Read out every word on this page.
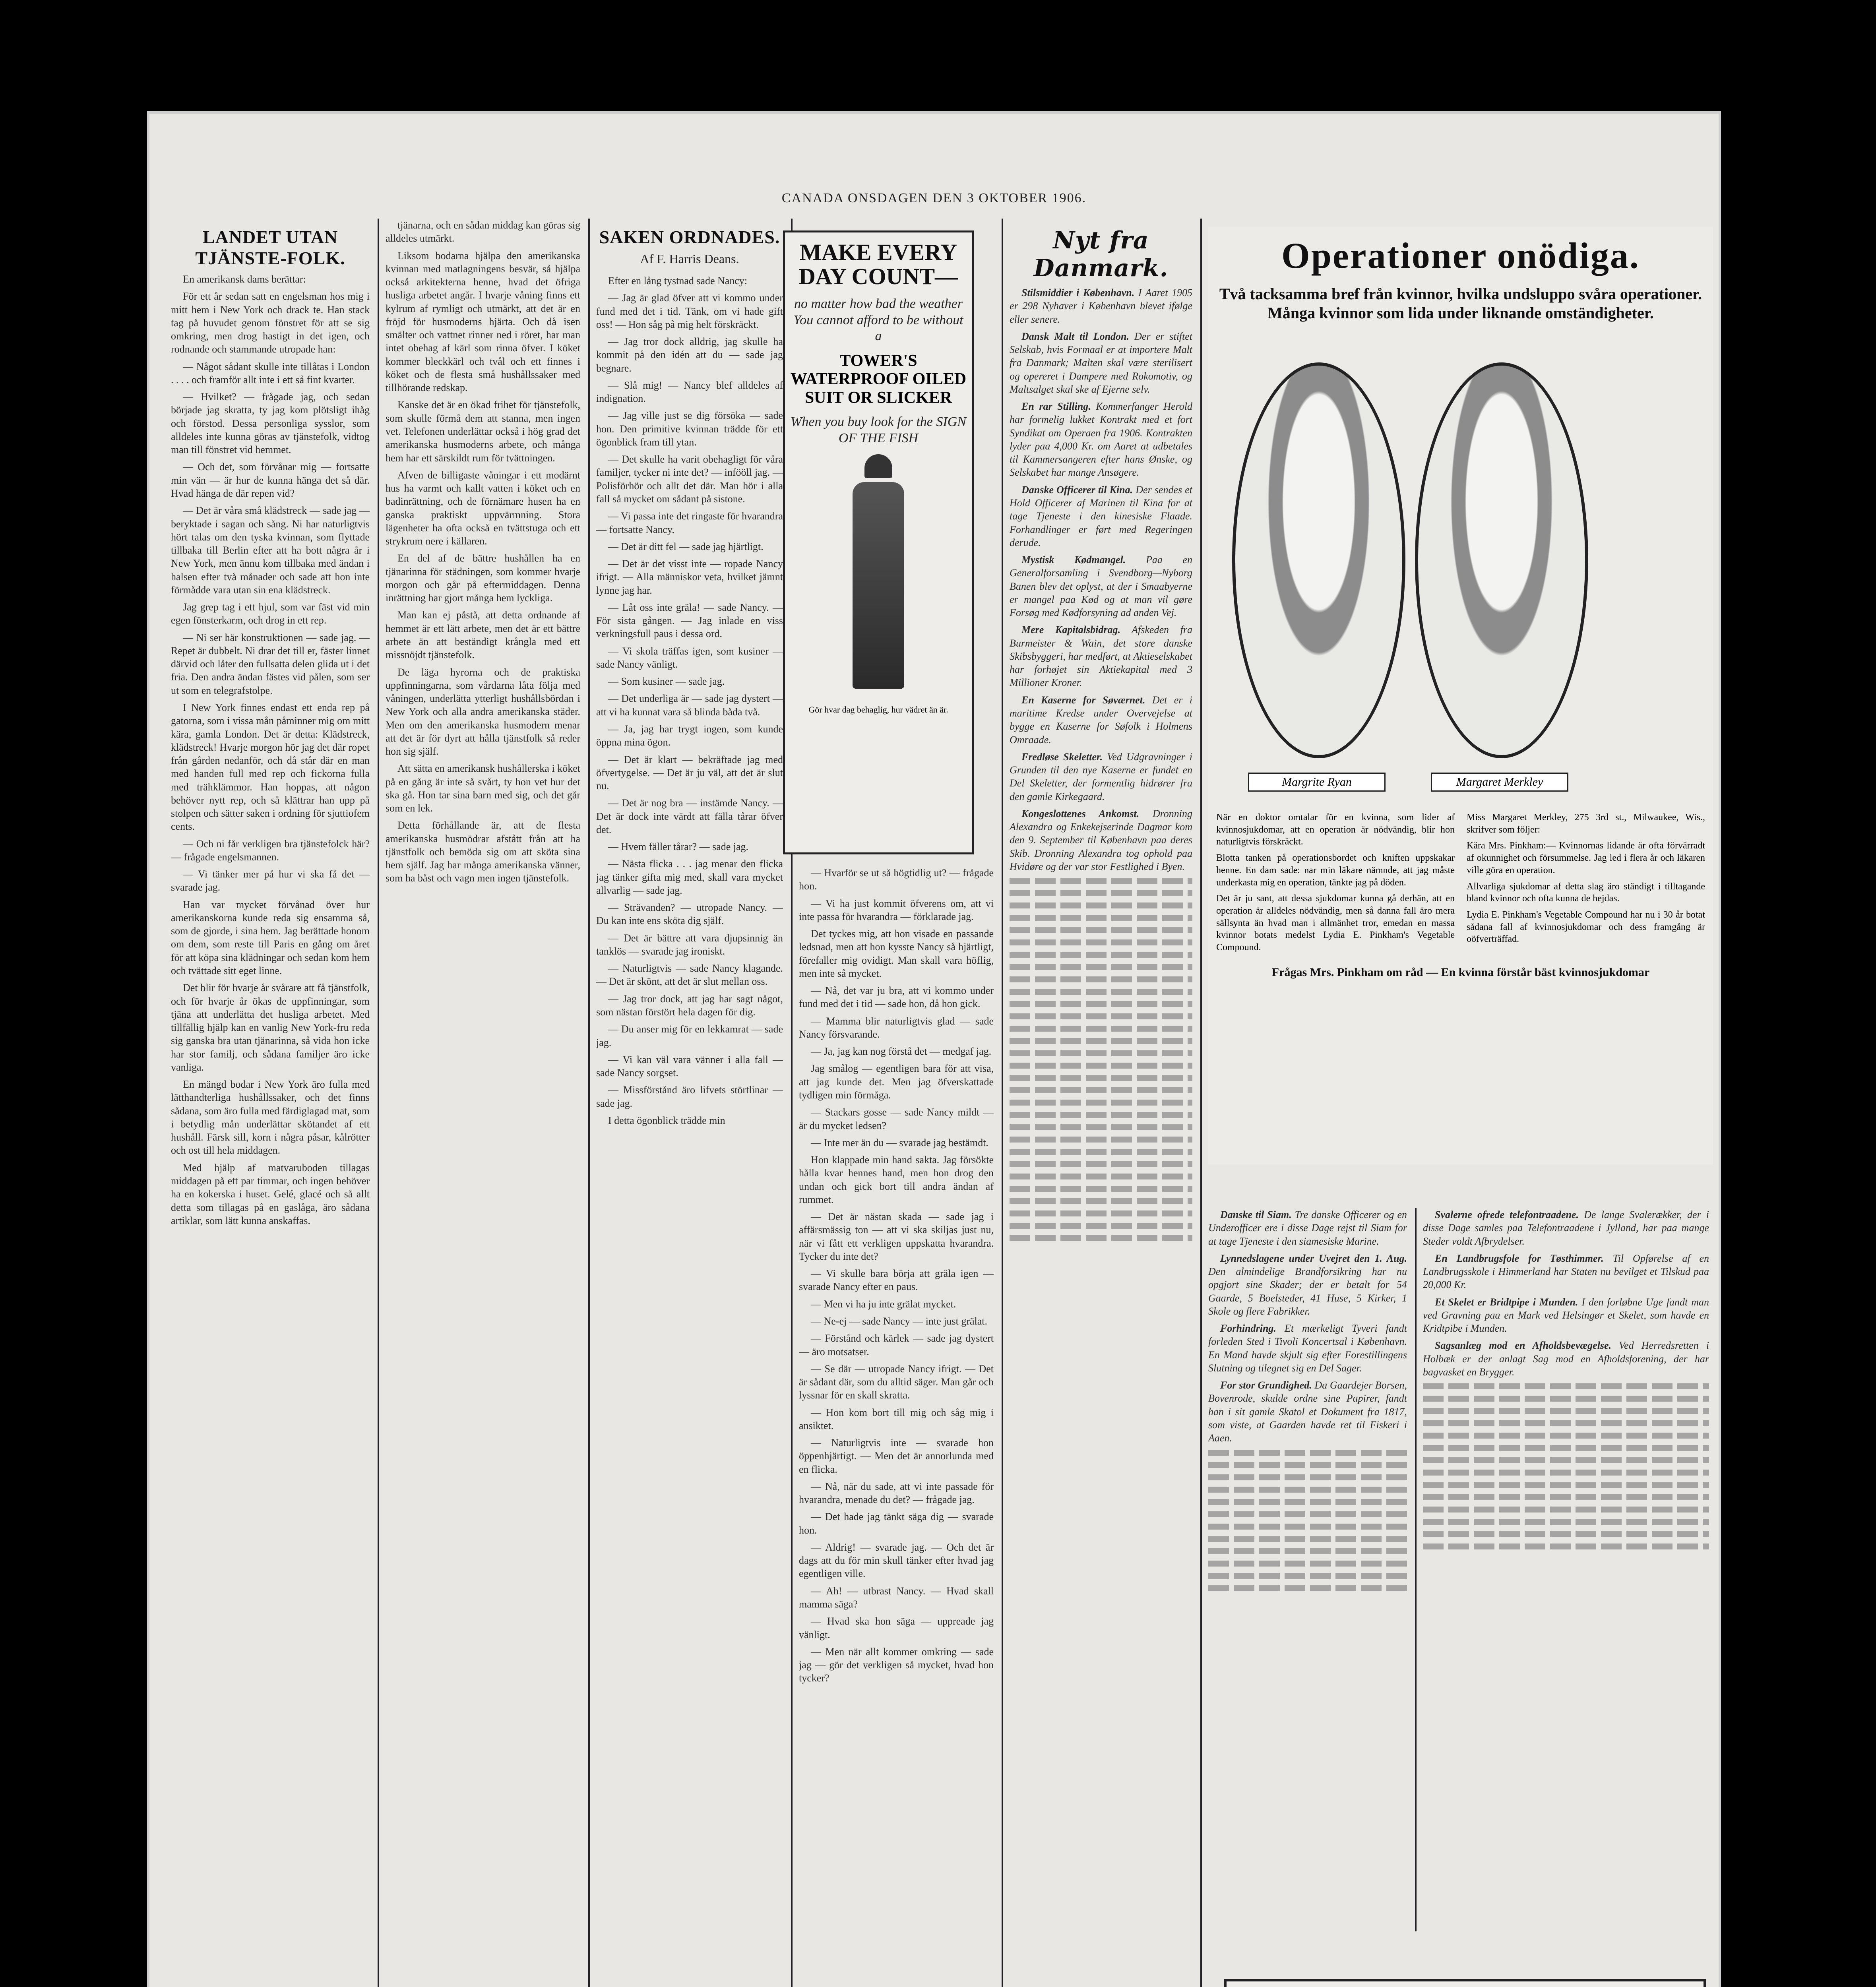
CANADA ONSDAGEN DEN 3 OKTOBER 1906.
LANDET UTAN TJÄNSTE-FOLK.

En amerikansk dams berättar:

För ett år sedan satt en engelsman hos mig i mitt hem i New York och drack te. Han stack tag på huvudet genom fönstret för att se sig omkring, men drog hastigt in det igen, och rodnande och stammande utropade han:

— Något sådant skulle inte tillåtas i London . . . . och framför allt inte i ett så fint kvarter.

— Hvilket? — frågade jag, och sedan började jag skratta, ty jag kom plötsligt ihåg och förstod. Dessa personliga sysslor, som alldeles inte kunna göras av tjänstefolk, vidtog man till fönstret vid hemmet.

— Och det, som förvånar mig — fortsatte min vän — är hur de kunna hänga det så där. Hvad hänga de där repen vid?

— Det är våra små klädstreck — sade jag — beryktade i sagan och sång. Ni har naturligtvis hört talas om den tyska kvinnan, som flyttade tillbaka till Berlin efter att ha bott några år i New York, men ännu kom tillbaka med ändan i halsen efter två månader och sade att hon inte förmådde vara utan sin ena klädstreck.

Jag grep tag i ett hjul, som var fäst vid min egen fönsterkarm, och drog in ett rep.

— Ni ser här konstruktionen — sade jag. — Repet är dubbelt. Ni drar det till er, fäster linnet därvid och låter den fullsatta delen glida ut i det fria. Den andra ändan fästes vid pålen, som ser ut som en telegrafstolpe.

I New York finnes endast ett enda rep på gatorna, som i vissa mån påminner mig om mitt kära, gamla London. Det är detta: Klädstreck, klädstreck! Hvarje morgon hör jag det där ropet från gården nedanför, och då står där en man med handen full med rep och fickorna fulla med trähklämmor. Han hoppas, att någon behöver nytt rep, och så klättrar han upp på stolpen och sätter saken i ordning för sjuttiofem cents.

— Och ni får verkligen bra tjänstefolck här? — frågade engelsmannen.

— Vi tänker mer på hur vi ska få det — svarade jag.

Han var mycket förvånad över hur amerikanskorna kunde reda sig ensamma så, som de gjorde, i sina hem. Jag berättade honom om dem, som reste till Paris en gång om året för att köpa sina klädningar och sedan kom hem och tvättade sitt eget linne.

Det blir för hvarje år svårare att få tjänstfolk, och för hvarje år ökas de uppfinningar, som tjäna att underlätta det husliga arbetet. Med tillfällig hjälp kan en vanlig New York-fru reda sig ganska bra utan tjänarinna, så vida hon icke har stor familj, och sådana familjer äro icke vanliga.

En mängd bodar i New York äro fulla med lätthandterliga hushållssaker, och det finns sådana, som äro fulla med färdiglagad mat, som i betydlig mån underlättar skötandet af ett hushåll. Färsk sill, korn i några påsar, kålrötter och ost till hela middagen.

Med hjälp af matvaruboden tillagas middagen på ett par timmar, och ingen behöver ha en kokerska i huset. Gelé, glacé och så allt detta som tillagas på en gaslåga, äro sådana artiklar, som lätt kunna anskaffas.

tjänarna, och en sådan middag kan göras sig alldeles utmärkt.

Liksom bodarna hjälpa den amerikanska kvinnan med matlagningens besvär, så hjälpa också arkitekterna henne, hvad det öfriga husliga arbetet angår. I hvarje våning finns ett kylrum af rymligt och utmärkt, att det är en fröjd för husmoderns hjärta. Och då isen smälter och vattnet rinner ned i röret, har man intet obehag af kärl som rinna öfver. I köket kommer bleckkärl och tvål och ett finnes i köket och de flesta små hushållssaker med tillhörande redskap.

Kanske det är en ökad frihet för tjänstefolk, som skulle förmå dem att stanna, men ingen vet. Telefonen underlättar också i hög grad det amerikanska husmoderns arbete, och många hem har ett särskildt rum för tvättningen.

Afven de billigaste våningar i ett modärnt hus ha varmt och kallt vatten i köket och en badinrättning, och de förnämare husen ha en ganska praktiskt uppvärmning. Stora lägenheter ha ofta också en tvättstuga och ett strykrum nere i källaren.

En del af de bättre hushållen ha en tjänarinna för städningen, som kommer hvarje morgon och går på eftermiddagen. Denna inrättning har gjort många hem lyckliga.

Man kan ej påstå, att detta ordnande af hemmet är ett lätt arbete, men det är ett bättre arbete än att beständigt krångla med ett missnöjdt tjänstefolk.

De läga hyrorna och de praktiska uppfinningarna, som vårdarna låta följa med våningen, underlätta ytterligt hushållsbördan i New York och alla andra amerikanska städer. Men om den amerikanska husmodern menar att det är för dyrt att hålla tjänstfolk så reder hon sig själf.

Att sätta en amerikansk hushållerska i köket på en gång är inte så svårt, ty hon vet hur det ska gå. Hon tar sina barn med sig, och det går som en lek.

Detta förhållande är, att de flesta amerikanska husmödrar afstått från att ha tjänstfolk och bemöda sig om att sköta sina hem själf. Jag har många amerikanska vänner, som ha båst och vagn men ingen tjänstefolk.

SAKEN ORDNADES.
Af F. Harris Deans.

Efter en lång tystnad sade Nancy:

— Jag är glad öfver att vi kommo under fund med det i tid. Tänk, om vi hade gift oss! — Hon såg på mig helt förskräckt.

— Jag tror dock alldrig, jag skulle ha kommit på den idén att du — sade jag begnare.

— Slå mig! — Nancy blef alldeles af indignation.

— Jag ville just se dig försöka — sade hon. Den primitive kvinnan trädde för ett ögonblick fram till ytan.

— Det skulle ha varit obehagligt för våra familjer, tycker ni inte det? — infööll jag. — Polisförhör och allt det där. Man hör i alla fall så mycket om sådant på sistone.

— Vi passa inte det ringaste för hvarandra — fortsatte Nancy.

— Det är ditt fel — sade jag hjärtligt.

— Det är det visst inte — ropade Nancy ifrigt. — Alla människor veta, hvilket jämnt lynne jag har.

— Låt oss inte gräla! — sade Nancy. — För sista gången. — Jag inlade en viss verkningsfull paus i dessa ord.

— Vi skola träffas igen, som kusiner — sade Nancy vänligt.

— Som kusiner — sade jag.

— Det underliga är — sade jag dystert — att vi ha kunnat vara så blinda båda två.

— Ja, jag har trygt ingen, som kunde öppna mina ögon.

— Det är klart — bekräftade jag med öfvertygelse. — Det är ju väl, att det är slut nu.

— Det är nog bra — instämde Nancy. — Det är dock inte värdt att fälla tårar öfver det.

— Hvem fäller tårar? — sade jag.

— Nästa flicka . . . jag menar den flicka jag tänker gifta mig med, skall vara mycket allvarlig — sade jag.

— Strävanden? — utropade Nancy. — Du kan inte ens sköta dig själf.

— Det är bättre att vara djupsinnig än tanklös — svarade jag ironiskt.

— Naturligtvis — sade Nancy klagande. — Det är skönt, att det är slut mellan oss.

— Jag tror dock, att jag har sagt något, som nästan förstört hela dagen för dig.

— Du anser mig för en lekkamrat — sade jag.

— Vi kan väl vara vänner i alla fall — sade Nancy sorgset.

— Missförstånd äro lifvets störtlinar — sade jag.

I detta ögonblick trädde min

MAKE EVERY DAY COUNT—
no matter how bad the weather You cannot afford to be without a
TOWER'S WATERPROOF OILED SUIT OR SLICKER
When you buy look for the SIGN OF THE FISH
Gör hvar dag behaglig, hur vädret än är.

— Hvarför se ut så högtidlig ut? — frågade hon.

— Vi ha just kommit öfverens om, att vi inte passa för hvarandra — förklarade jag.

Det tyckes mig, att hon visade en passande ledsnad, men att hon kysste Nancy så hjärtligt, förefaller mig ovidigt. Man skall vara höflig, men inte så mycket.

— Nå, det var ju bra, att vi kommo under fund med det i tid — sade hon, då hon gick.

— Mamma blir naturligtvis glad — sade Nancy försvarande.

— Ja, jag kan nog förstå det — medgaf jag.

Jag smålog — egentligen bara för att visa, att jag kunde det. Men jag öfverskattade tydligen min förmåga.

— Stackars gosse — sade Nancy mildt — är du mycket ledsen?

— Inte mer än du — svarade jag bestämdt.

Hon klappade min hand sakta. Jag försökte hålla kvar hennes hand, men hon drog den undan och gick bort till andra ändan af rummet.

— Det är nästan skada — sade jag i affärsmässig ton — att vi ska skiljas just nu, när vi fått ett verkligen uppskatta hvarandra. Tycker du inte det?

— Vi skulle bara börja att gräla igen — svarade Nancy efter en paus.

— Men vi ha ju inte grälat mycket.

— Ne-ej — sade Nancy — inte just grälat.

— Förstånd och kärlek — sade jag dystert — äro motsatser.

— Se där — utropade Nancy ifrigt. — Det är sådant där, som du alltid säger. Man går och lyssnar för en skall skratta.

— Hon kom bort till mig och såg mig i ansiktet.

— Naturligtvis inte — svarade hon öppenhjärtigt. — Men det är annorlunda med en flicka.

— Nå, när du sade, att vi inte passade för hvarandra, menade du det? — frågade jag.

— Det hade jag tänkt säga dig — svarade hon.

— Aldrig! — svarade jag. — Och det är dags att du för min skull tänker efter hvad jag egentligen ville.

— Ah! — utbrast Nancy. — Hvad skall mamma säga?

— Hvad ska hon säga — uppreade jag vänligt.

— Men när allt kommer omkring — sade jag — gör det verkligen så mycket, hvad hon tycker?

Nyt fra Danmark.

Stilsmiddier i København. I Aaret 1905 er 298 Nyhaver i København blevet ifølge eller senere.

Dansk Malt til London. Der er stiftet Selskab, hvis Formaal er at importere Malt fra Danmark; Malten skal være sterilisert og opereret i Dampere med Rokomotiv, og Maltsalget skal ske af Ejerne selv.

En rar Stilling. Kommerfanger Herold har formelig lukket Kontrakt med et fort Syndikat om Operaen fra 1906. Kontrakten lyder paa 4,000 Kr. om Aaret at udbetales til Kammersangeren efter hans Ønske, og Selskabet har mange Ansøgere.

Danske Officerer til Kina. Der sendes et Hold Officerer af Marinen til Kina for at tage Tjeneste i den kinesiske Flaade. Forhandlinger er ført med Regeringen derude.

Mystisk Kødmangel. Paa en Generalforsamling i Svendborg—Nyborg Banen blev det oplyst, at der i Smaabyerne er mangel paa Kød og at man vil gøre Forsøg med Kødforsyning ad anden Vej.

Mere Kapitalsbidrag. Afskeden fra Burmeister & Wain, det store danske Skibsbyggeri, har medført, at Aktieselskabet har forhøjet sin Aktiekapital med 3 Millioner Kroner.

En Kaserne for Søværnet. Det er i maritime Kredse under Overvejelse at bygge en Kaserne for Søfolk i Holmens Omraade.

Fredløse Skeletter. Ved Udgravninger i Grunden til den nye Kaserne er fundet en Del Skeletter, der formentlig hidrører fra den gamle Kirkegaard.

Kongeslottenes Ankomst. Dronning Alexandra og Enkekejserinde Dagmar kom den 9. September til København paa deres Skib. Dronning Alexandra tog ophold paa Hvidøre og der var stor Festlighed i Byen.

Operationer onödiga.
Två tacksamma bref från kvinnor, hvilka undsluppo svåra operationer. Många kvinnor som lida under liknande omständigheter.
Margrite Ryan	Margaret Merkley

När en doktor omtalar för en kvinna, som lider af kvinnosjukdomar, att en operation är nödvändig, blir hon naturligtvis förskräckt.

Blotta tanken på operationsbordet och kniften uppskakar henne. En dam sade: nar min läkare nämnde, att jag måste underkasta mig en operation, tänkte jag på döden.

Det är ju sant, att dessa sjukdomar kunna gå derhän, att en operation är alldeles nödvändig, men så danna fall äro mera sällsynta än hvad man i allmänhet tror, emedan en massa kvinnor botats medelst Lydia E. Pinkham's Vegetable Compound.

Miss Margaret Merkley, 275 3rd st., Milwaukee, Wis., skrifver som följer:

Kära Mrs. Pinkham:— Kvinnornas lidande är ofta förvärradt af okunnighet och försummelse. Jag led i flera år och läkaren ville göra en operation.

Allvarliga sjukdomar af detta slag äro ständigt i tilltagande bland kvinnor och ofta kunna de hejdas.

Lydia E. Pinkham's Vegetable Compound har nu i 30 år botat sådana fall af kvinnosjukdomar och dess framgång är oöfverträffad.

Frågas Mrs. Pinkham om råd — En kvinna förstår bäst kvinnosjukdomar

Danske til Siam. Tre danske Officerer og en Underofficer ere i disse Dage rejst til Siam for at tage Tjeneste i den siamesiske Marine.

Lynnedslagene under Uvejret den 1. Aug. Den almindelige Brandforsikring har nu opgjort sine Skader; der er betalt for 54 Gaarde, 5 Boelsteder, 41 Huse, 5 Kirker, 1 Skole og flere Fabrikker.

Forhindring. Et mærkeligt Tyveri fandt forleden Sted i Tivoli Koncertsal i København. En Mand havde skjult sig efter Forestillingens Slutning og tilegnet sig en Del Sager.

For stor Grundighed. Da Gaardejer Borsen, Bovenrode, skulde ordne sine Papirer, fandt han i sit gamle Skatol et Dokument fra 1817, som viste, at Gaarden havde ret til Fiskeri i Aaen.

Svalerne ofrede telefontraadene. De lange Svalerækker, der i disse Dage samles paa Telefontraadene i Jylland, har paa mange Steder voldt Afbrydelser.

En Landbrugsfole for Tøsthimmer. Til Opførelse af en Landbrugsskole i Himmerland har Staten nu bevilget et Tilskud paa 20,000 Kr.

Et Skelet er Bridtpipe i Munden. I den forløbne Uge fandt man ved Gravning paa en Mark ved Helsingør et Skelet, som havde en Kridtpibe i Munden.

Sagsanlæg mod en Afholdsbevægelse. Ved Herredsretten i Holbæk er der anlagt Sag mod en Afholdsforening, der har bagvasket en Brygger.
